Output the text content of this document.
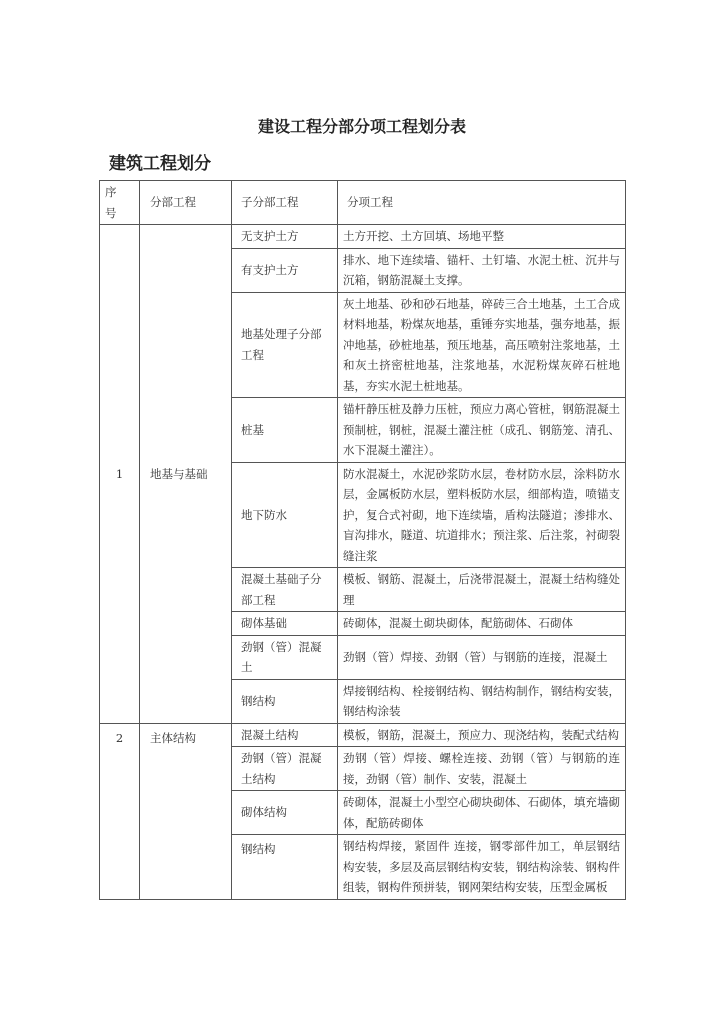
建设工程分部分项工程划分表
建筑工程划分
序号	分部工程	子分部工程	分项工程
1	地基与基础	无支护土方	土方开挖、土方回填、场地平整
		有支护土方	排水、地下连续墙、锚杆、土钉墙、水泥土桩、沉井与沉箱，钢筋混凝土支撑。
		地基处理子分部工程	灰土地基、砂和砂石地基，碎砖三合土地基，土工合成材料地基，粉煤灰地基，重锤夯实地基，强夯地基，振冲地基，砂桩地基，预压地基，高压喷射注浆地基，土和灰土挤密桩地基，注浆地基，水泥粉煤灰碎石桩地基，夯实水泥土桩地基。
		桩基	锚杆静压桩及静力压桩，预应力离心管桩，钢筋混凝土预制桩，钢桩，混凝土灌注桩（成孔、钢筋笼、清孔、水下混凝土灌注）。
		地下防水	防水混凝土，水泥砂浆防水层，卷材防水层，涂料防水层，金属板防水层，塑料板防水层，细部构造，喷锚支护，复合式衬砌，地下连续墙，盾构法隧道；渗排水、盲沟排水，隧道、坑道排水；预注浆、后注浆，衬砌裂缝注浆
		混凝土基础子分部工程	模板、钢筋、混凝土，后浇带混凝土，混凝土结构缝处理
		砌体基础	砖砌体，混凝土砌块砌体，配筋砌体、石砌体
		劲钢（管）混凝土	劲钢（管）焊接、劲钢（管）与钢筋的连接，混凝土
		钢结构	焊接钢结构、栓接钢结构、钢结构制作，钢结构安装，钢结构涂装
2	主体结构	混凝土结构	模板，钢筋，混凝土，预应力、现浇结构，装配式结构
		劲钢（管）混凝土结构	劲钢（管）焊接、螺栓连接、劲钢（管）与钢筋的连接，劲钢（管）制作、安装，混凝土
		砌体结构	砖砌体，混凝土小型空心砌块砌体、石砌体，填充墙砌体，配筋砖砌体
		钢结构	钢结构焊接，紧固件 连接，钢零部件加工，单层钢结构安装，多层及高层钢结构安装，钢结构涂装、钢构件组装，钢构件预拼装，钢网架结构安装，压型金属板
